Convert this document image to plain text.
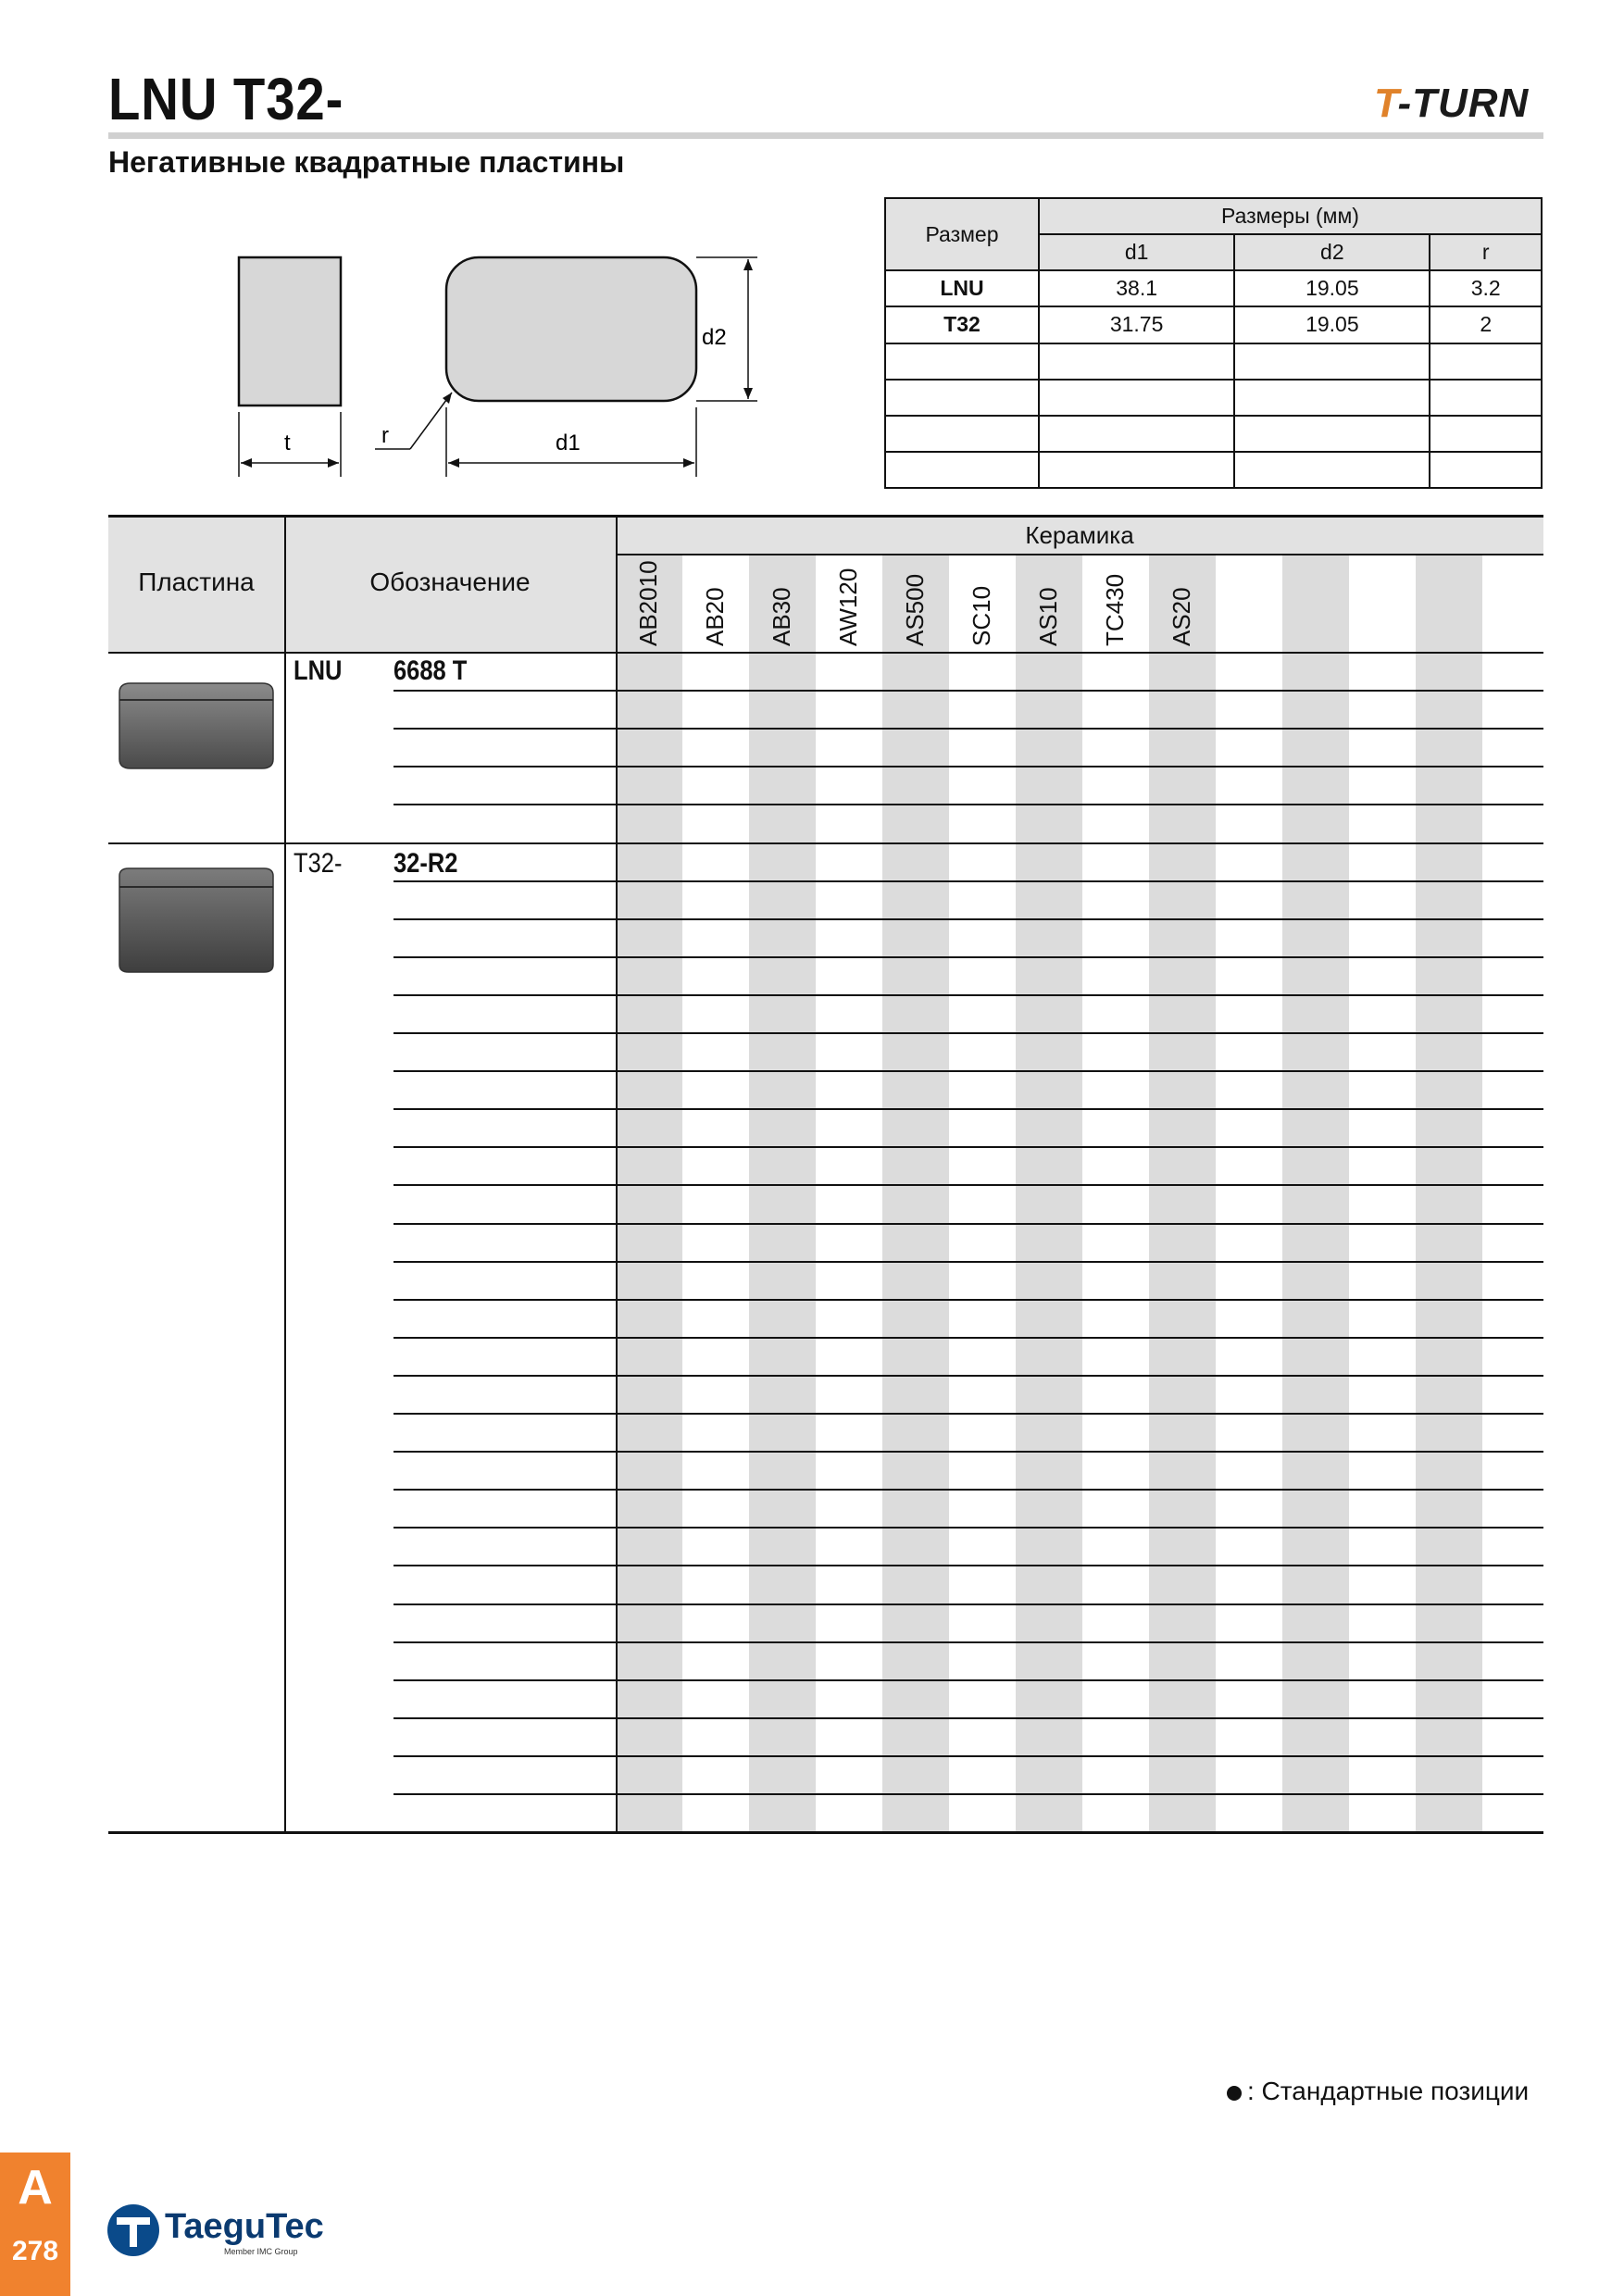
LNU T32-
Негативные квадратные пластины
T-TURN
t	r	d1
d2
Размер	Размеры (мм)		
	d1	d2	r
LNU	38.1	19.05	3.2
T32	31.75	19.05	2

Пластина	Обозначение
Керамика
LNU 6688 T
T32- 32-R2
AB2010 AB20 AB30 AW120 AS500 SC10 AS10 TC430 AS20
: Стандартные позиции
A
278
TaeguTec
Member IMC Group
